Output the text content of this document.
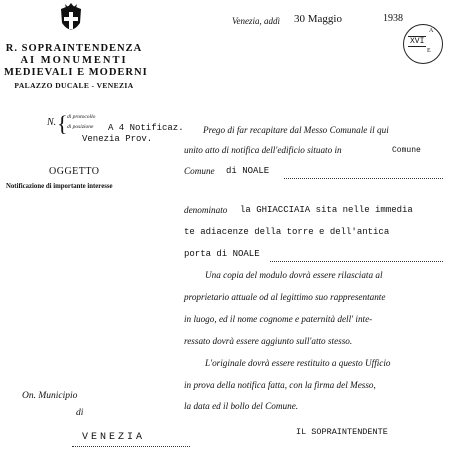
R. SOPRAINTENDENZA
AI MONUMENTI
MEDIEVALI E MODERNI
PALAZZO DUCALE - VENEZIA
Venezia, addì 30 Maggio	1938
A
XVI
E
N. { di protocollo
di posizione A 4 Notificaz.
Venezia Prov.
OGGETTO
Notificazione di importante interesse
Prego di far recapitare dal Messo Comunale il qui
unito atto di notifica dell'edificio situato in	Comune
Comune di NOALE
denominato la GHIACCIAIA sita nelle immedia
te adiacenze della torre e dell'antica
porta di NOALE
Una copia del modulo dovrà essere rilasciata al
proprietario attuale od al legittimo suo rappresentante
in luogo, ed il nome cognome e paternità dell' inte-
ressato dovrà essere aggiunto sull'atto stesso.
L'originale dovrà essere restituito a questo Ufficio
in prova della notifica fatta, con la firma del Messo,
la data ed il bollo del Comune.
On. Municipio
di
VENEZIA	IL SOPRAINTENDENTE
